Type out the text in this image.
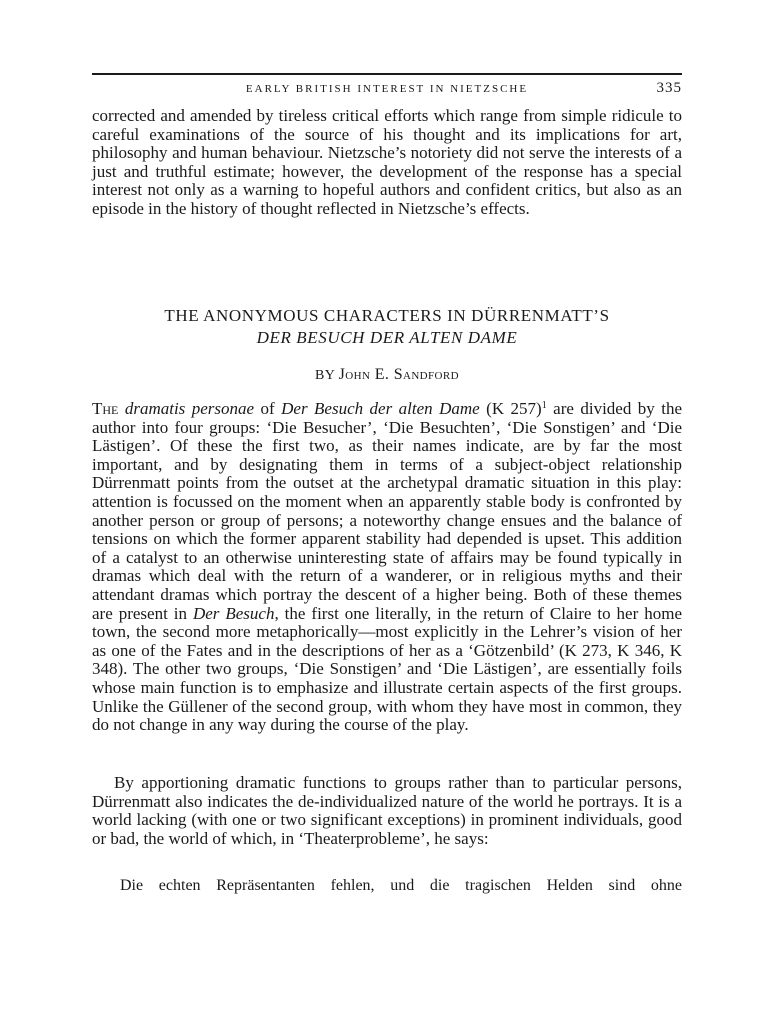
EARLY BRITISH INTEREST IN NIETZSCHE	335

corrected and amended by tireless critical efforts which range from simple ridicule to careful examinations of the source of his thought and its implications for art, philosophy and human behaviour. Nietzsche’s notoriety did not serve the interests of a just and truthful estimate; however, the development of the response has a special interest not only as a warning to hopeful authors and confident critics, but also as an episode in the history of thought reflected in Nietzsche’s effects.

THE ANONYMOUS CHARACTERS IN DÜRRENMATT’S
DER BESUCH DER ALTEN DAME
BY John E. Sandford

The dramatis personae of Der Besuch der alten Dame (K 257)$^1$ are divided by the author into four groups: ‘Die Besucher’, ‘Die Besuchten’, ‘Die Sonstigen’ and ‘Die Lästigen’. Of these the first two, as their names indicate, are by far the most important, and by designating them in terms of a subject-object relationship Dürrenmatt points from the outset at the archetypal dramatic situation in this play: attention is focussed on the moment when an apparently stable body is confronted by another person or group of persons; a noteworthy change ensues and the balance of tensions on which the former apparent stability had depended is upset. This addition of a catalyst to an otherwise uninteresting state of affairs may be found typically in dramas which deal with the return of a wanderer, or in religious myths and their attendant dramas which portray the descent of a higher being. Both of these themes are present in Der Besuch, the first one literally, in the return of Claire to her home town, the second more metaphorically—most explicitly in the Lehrer’s vision of her as one of the Fates and in the descriptions of her as a ‘Götzenbild’ (K 273, K 346, K 348). The other two groups, ‘Die Sonstigen’ and ‘Die Lästigen’, are essentially foils whose main function is to emphasize and illustrate certain aspects of the first groups. Unlike the Güllener of the second group, with whom they have most in common, they do not change in any way during the course of the play.

By apportioning dramatic functions to groups rather than to particular persons, Dürrenmatt also indicates the de-individualized nature of the world he portrays. It is a world lacking (with one or two significant exceptions) in prominent individuals, good or bad, the world of which, in ‘Theaterprobleme’, he says:

Die echten Repräsentanten fehlen, und die tragischen Helden sind ohne
